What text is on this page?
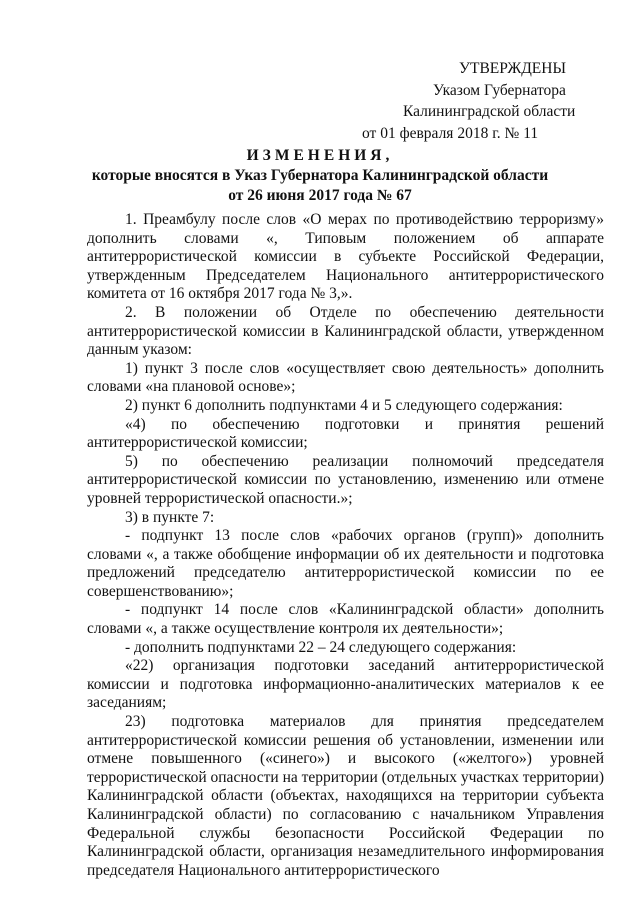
УТВЕРЖДЕНЫ
Указом Губернатора
Калининградской области
от 01 февраля 2018 г. № 11
ИЗМЕНЕНИЯ,
которые вносятся в Указ Губернатора Калининградской области
от 26 июня 2017 года № 67

1. Преамбулу после слов «О мерах по противодействию терроризму» дополнить словами «, Типовым положением об аппарате антитеррористической комиссии в субъекте Российской Федерации, утвержденным Председателем Национального антитеррористического комитета от 16 октября 2017 года № 3,».

2. В положении об Отделе по обеспечению деятельности антитеррористической комиссии в Калининградской области, утвержденном данным указом:

1) пункт 3 после слов «осуществляет свою деятельность» дополнить словами «на плановой основе»;

2) пункт 6 дополнить подпунктами 4 и 5 следующего содержания:

«4) по обеспечению подготовки и принятия решений антитеррористической комиссии;

5) по обеспечению реализации полномочий председателя антитеррористической комиссии по установлению, изменению или отмене уровней террористической опасности.»;

3) в пункте 7:

- подпункт 13 после слов «рабочих органов (групп)» дополнить словами «, а также обобщение информации об их деятельности и подготовка предложений председателю антитеррористической комиссии по ее совершенствованию»;

- подпункт 14 после слов «Калининградской области» дополнить словами «, а также осуществление контроля их деятельности»;

- дополнить подпунктами 22 – 24 следующего содержания:

«22) организация подготовки заседаний антитеррористической комиссии и подготовка информационно-аналитических материалов к ее заседаниям;

23) подготовка материалов для принятия председателем антитеррористической комиссии решения об установлении, изменении или отмене повышенного («синего») и высокого («желтого») уровней террористической опасности на территории (отдельных участках территории) Калининградской области (объектах, находящихся на территории субъекта Калининградской области) по согласованию с начальником Управления Федеральной службы безопасности Российской Федерации по Калининградской области, организация незамедлительного информирования председателя Национального антитеррористического
